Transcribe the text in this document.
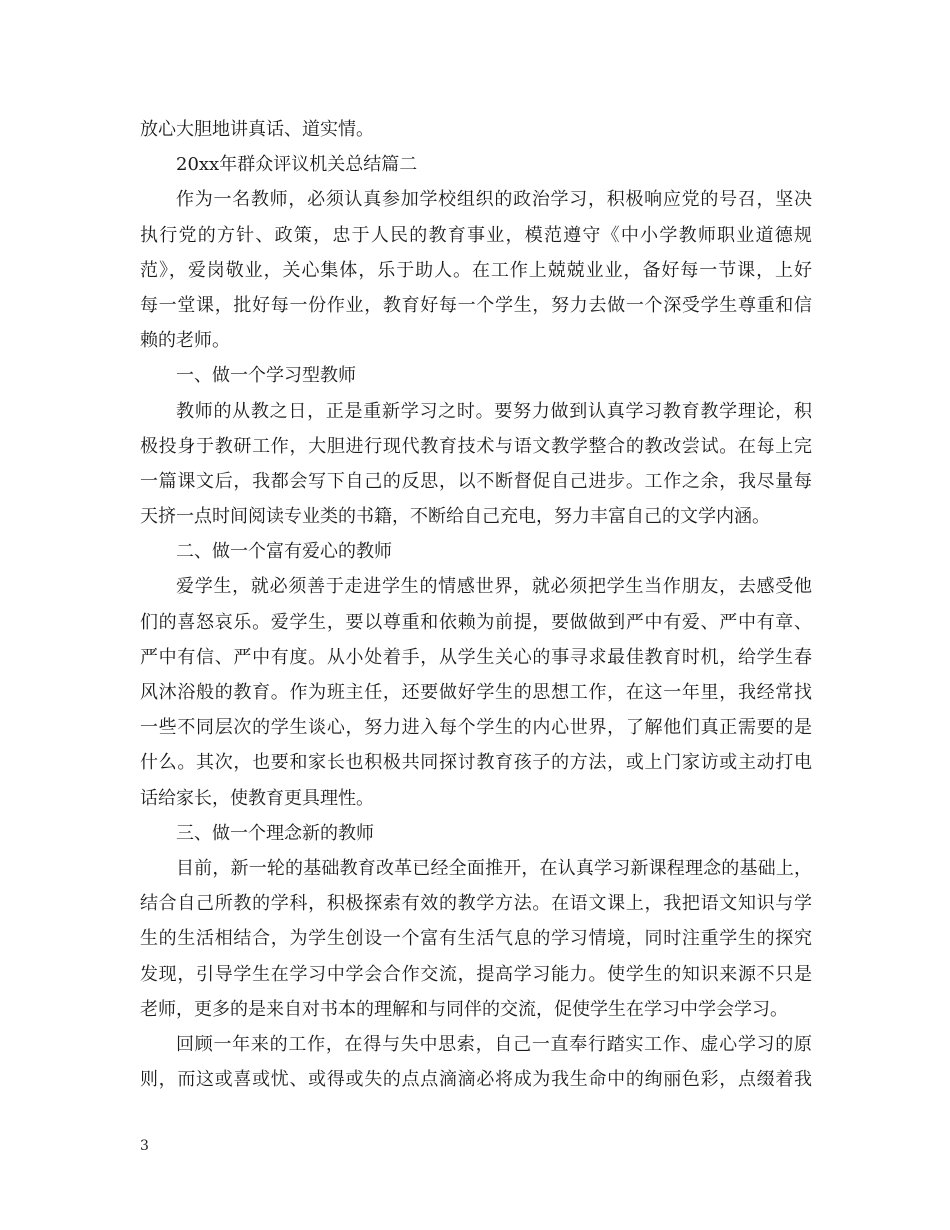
放心大胆地讲真话、道实情。
20xx年群众评议机关总结篇二
作为一名教师，必须认真参加学校组织的政治学习，积极响应党的号召，坚决
执行党的方针、政策，忠于人民的教育事业，模范遵守《中小学教师职业道德规
范》，爱岗敬业，关心集体，乐于助人。在工作上兢兢业业，备好每一节课，上好
每一堂课，批好每一份作业，教育好每一个学生，努力去做一个深受学生尊重和信
赖的老师。
一、做一个学习型教师
教师的从教之日，正是重新学习之时。要努力做到认真学习教育教学理论，积
极投身于教研工作，大胆进行现代教育技术与语文教学整合的教改尝试。在每上完
一篇课文后，我都会写下自己的反思，以不断督促自己进步。工作之余，我尽量每
天挤一点时间阅读专业类的书籍，不断给自己充电，努力丰富自己的文学内涵。
二、做一个富有爱心的教师
爱学生，就必须善于走进学生的情感世界，就必须把学生当作朋友，去感受他
们的喜怒哀乐。爱学生，要以尊重和依赖为前提，要做做到严中有爱、严中有章、
严中有信、严中有度。从小处着手，从学生关心的事寻求最佳教育时机，给学生春
风沐浴般的教育。作为班主任，还要做好学生的思想工作，在这一年里，我经常找
一些不同层次的学生谈心，努力进入每个学生的内心世界，了解他们真正需要的是
什么。其次，也要和家长也积极共同探讨教育孩子的方法，或上门家访或主动打电
话给家长，使教育更具理性。
三、做一个理念新的教师
目前，新一轮的基础教育改革已经全面推开，在认真学习新课程理念的基础上，
结合自己所教的学科，积极探索有效的教学方法。在语文课上，我把语文知识与学
生的生活相结合，为学生创设一个富有生活气息的学习情境，同时注重学生的探究
发现，引导学生在学习中学会合作交流，提高学习能力。使学生的知识来源不只是
老师，更多的是来自对书本的理解和与同伴的交流，促使学生在学习中学会学习。
回顾一年来的工作，在得与失中思索，自己一直奉行踏实工作、虚心学习的原
则，而这或喜或忧、或得或失的点点滴滴必将成为我生命中的绚丽色彩，点缀着我
3
